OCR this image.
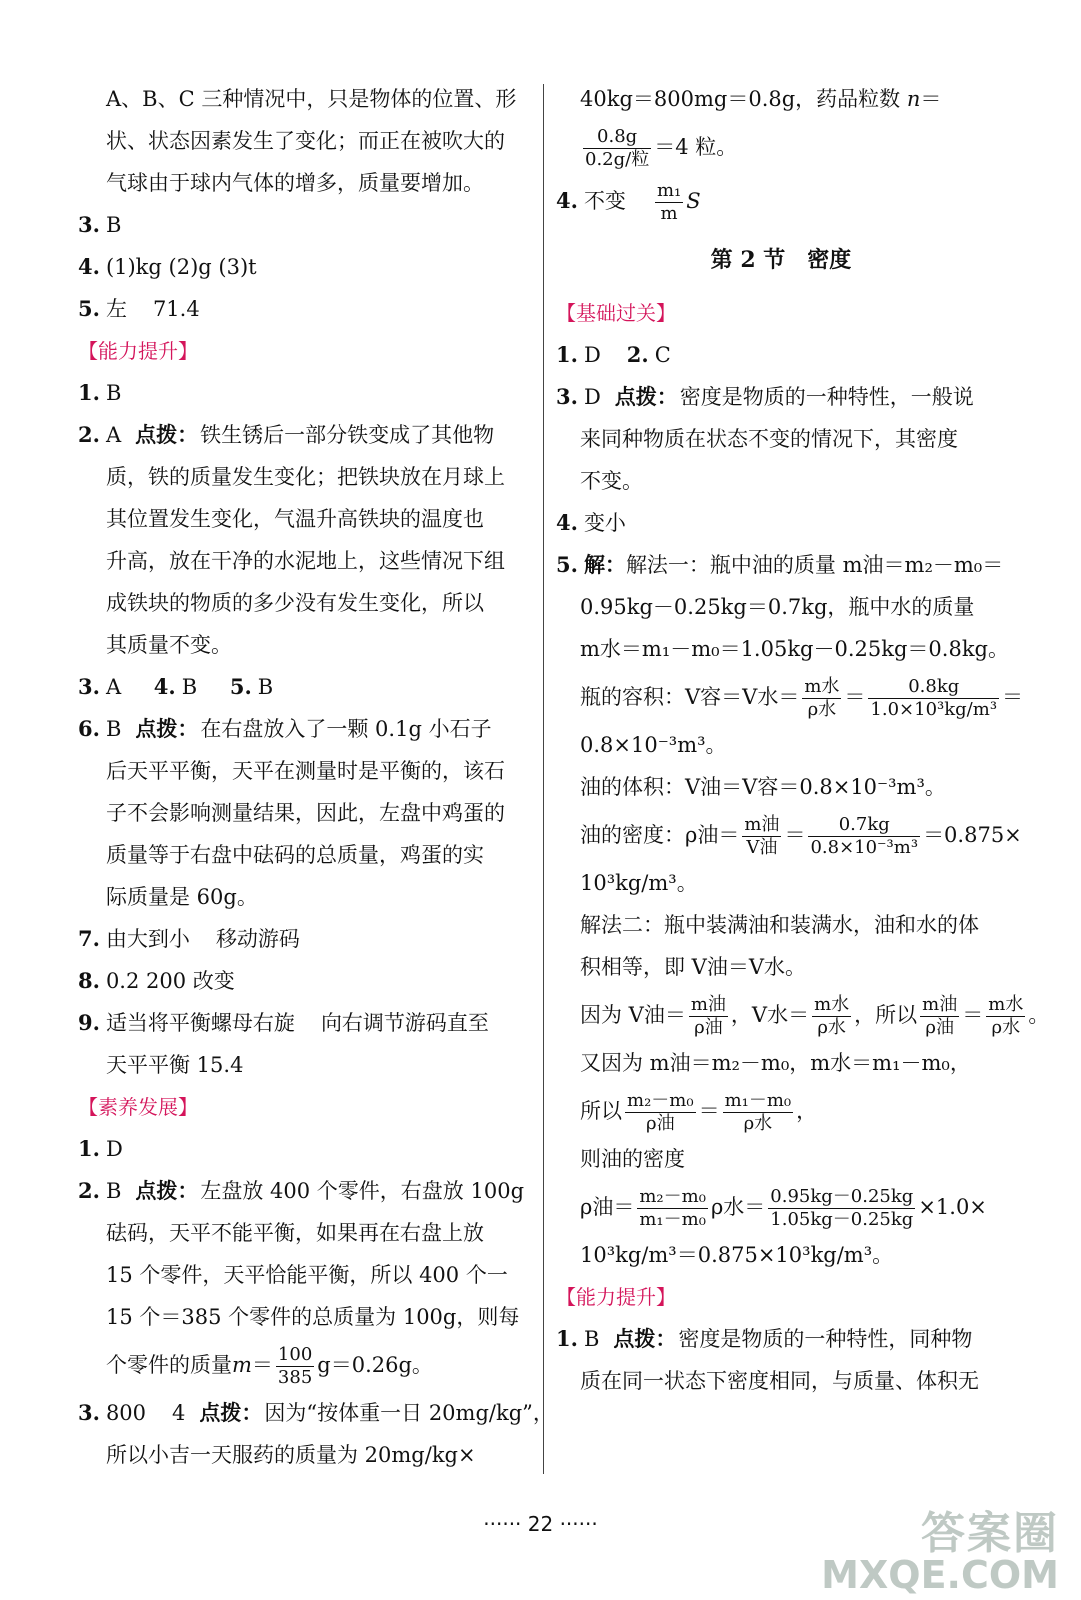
A、B、C 三种情况中，只是物体的位置、形
状、状态因素发生了变化；而正在被吹大的
气球由于球内气体的增多，质量要增加。
3. B
4. (1)kg (2)g (3)t
5. 左 71.4
【能力提升】
1. B
2. A 点拨：铁生锈后一部分铁变成了其他物
质，铁的质量发生变化；把铁块放在月球上
其位置发生变化，气温升高铁块的温度也
升高，放在干净的水泥地上，这些情况下组
成铁块的物质的多少没有发生变化，所以
其质量不变。
3. A 4. B 5. B
6. B 点拨：在右盘放入了一颗 0.1g 小石子
后天平平衡，天平在测量时是平衡的，该石
子不会影响测量结果，因此，左盘中鸡蛋的
质量等于右盘中砝码的总质量，鸡蛋的实
际质量是 60g。
7. 由大到小 移动游码
8. 0.2 200 改变
9. 适当将平衡螺母右旋 向右调节游码直至
天平平衡 15.4
【素养发展】
1. D
2. B 点拨：左盘放 400 个零件，右盘放 100g
砝码，天平不能平衡，如果再在右盘上放
15 个零件，天平恰能平衡，所以 400 个一
15 个＝385 个零件的总质量为 100g，则每
个零件的质量$m= \frac{100}{385} g=0.26g$。
3. 800 4 点拨：因为“按体重一日 20mg/kg”，
所以小吉一天服药的质量为 20mg/kg×
40kg＝800mg＝0.8g，药品粒数 n＝
$\frac{0.8g}{\text{0.2g/粒}} =4$ 粒。
4. 不变 $\frac{\text{m₁}}{m}$ S
第 2 节　密度
【基础过关】
1. D 2. C
3. D 点拨：密度是物质的一种特性，一般说
来同种物质在状态不变的情况下，其密度
不变。
4. 变小
5. 解：解法一：瓶中油的质量 m油＝m₂－m₀＝
0.95kg－0.25kg＝0.7kg，瓶中水的质量
m水＝m₁－m₀＝1.05kg－0.25kg＝0.8kg。
瓶的容积：V容＝V水＝ $\frac{\text{m水}}{\text{ρ水}} = \frac{0.8kg}{\text{1.0×10³kg/m³}}$ ＝
0.8×10⁻³m³。
油的体积：V油＝V容＝0.8×10⁻³m³。
油的密度：ρ油＝ $\frac{\text{m油}}{\text{V油}} = \frac{0.7kg}{\text{0.8×10⁻³m³}} =0.875\times$
10³kg/m³。
解法二：瓶中装满油和装满水，油和水的体
积相等，即 V油＝V水。
因为 V油＝ $\frac{\text{m油}}{\text{ρ油}}$ ，V水＝ $\frac{\text{m水}}{\text{ρ水}}$ ，所以 $\frac{\text{m油}}{\text{ρ油}} = \frac{\text{m水}}{\text{ρ水}}$ 。
又因为 m油＝m₂－m₀，m水＝m₁－m₀，
所以 $\frac{\text{m₂－m₀}}{\text{ρ油}} = \frac{\text{m₁－m₀}}{\text{ρ水}}$ ，
则油的密度
ρ油＝ $\frac{\text{m₂－m₀}}{\text{m₁－m₀}}$ ρ水＝ $\frac{0.95kg-0.25kg}{1.05kg-0.25kg} \times 1.0\times$
10³kg/m³＝0.875×10³kg/m³。
【能力提升】
1. B 点拨：密度是物质的一种特性，同种物
质在同一状态下密度相同，与质量、体积无
······ 22 ······	答案圈
MXQE.COM
